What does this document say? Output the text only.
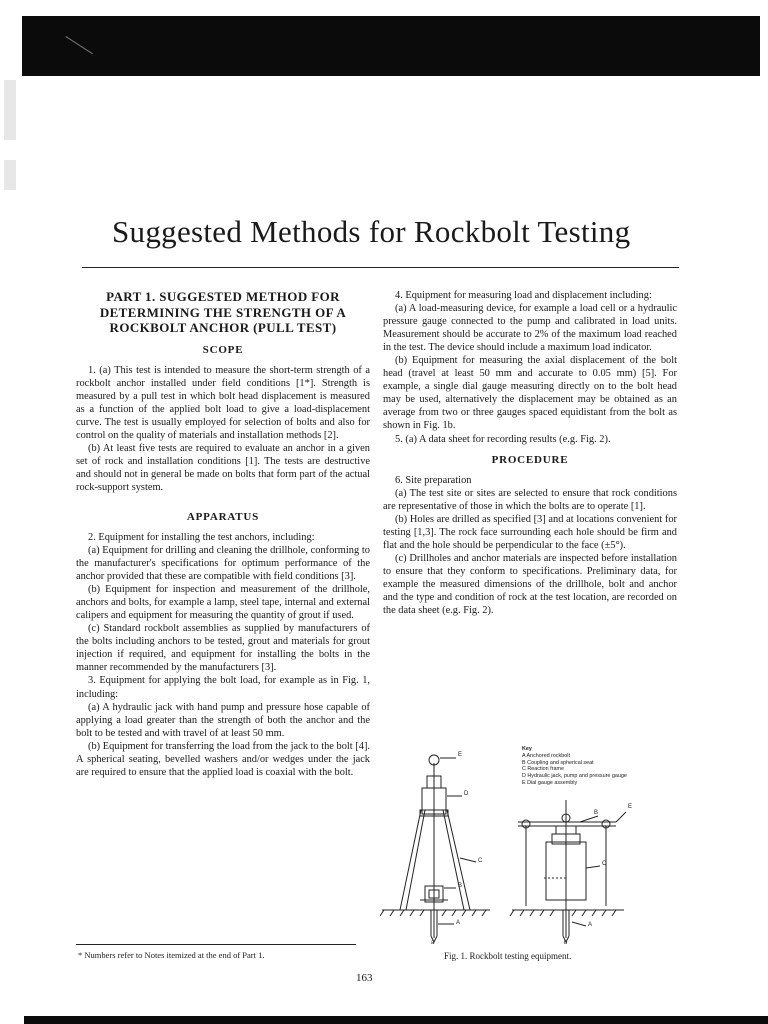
Suggested Methods for Rockbolt Testing
PART 1. SUGGESTED METHOD FOR DETERMINING THE STRENGTH OF A ROCKBOLT ANCHOR (PULL TEST)
SCOPE

1. (a) This test is intended to measure the short-term strength of a rockbolt anchor installed under field conditions [1*]. Strength is measured by a pull test in which bolt head displacement is measured as a function of the applied bolt load to give a load-displacement curve. The test is usually employed for selection of bolts and also for control on the quality of materials and installation methods [2].

(b) At least five tests are required to evaluate an anchor in a given set of rock and installation conditions [1]. The tests are destructive and should not in general be made on bolts that form part of the actual rock-support system.

APPARATUS

2. Equipment for installing the test anchors, including:

(a) Equipment for drilling and cleaning the drillhole, conforming to the manufacturer's specifications for optimum performance of the anchor provided that these are compatible with field conditions [3].

(b) Equipment for inspection and measurement of the drillhole, anchors and bolts, for example a lamp, steel tape, internal and external calipers and equipment for measuring the quantity of grout if used.

(c) Standard rockbolt assemblies as supplied by manufacturers of the bolts including anchors to be tested, grout and materials for grout injection if required, and equipment for installing the bolts in the manner recommended by the manufacturers [3].

3. Equipment for applying the bolt load, for example as in Fig. 1, including:

(a) A hydraulic jack with hand pump and pressure hose capable of applying a load greater than the strength of both the anchor and the bolt to be tested and with travel of at least 50 mm.

(b) Equipment for transferring the load from the jack to the bolt [4]. A spherical seating, bevelled washers and/or wedges under the jack are required to ensure that the applied load is coaxial with the bolt.

4. Equipment for measuring load and displacement including:

(a) A load-measuring device, for example a load cell or a hydraulic pressure gauge connected to the pump and calibrated in load units. Measurement should be accurate to 2% of the maximum load reached in the test. The device should include a maximum load indicator.

(b) Equipment for measuring the axial displacement of the bolt head (travel at least 50 mm and accurate to 0.05 mm) [5]. For example, a single dial gauge measuring directly on to the bolt head may be used, alternatively the displacement may be obtained as an average from two or three gauges spaced equidistant from the bolt as shown in Fig. 1b.

5. (a) A data sheet for recording results (e.g. Fig. 2).

PROCEDURE

6. Site preparation

(a) The test site or sites are selected to ensure that rock conditions are representative of those in which the bolts are to operate [1].

(b) Holes are drilled as specified [3] and at locations convenient for testing [1,3]. The rock face surrounding each hole should be firm and flat and the hole should be perpendicular to the face (±5°).

(c) Drillholes and anchor materials are inspected before installation to ensure that they conform to specifications. Preliminary data, for example the measured dimensions of the drillhole, bolt and anchor and the type and condition of rock at the test location, are recorded on the data sheet (e.g. Fig. 2).

Key
A Anchored rockbolt
B Coupling and spherical seat
C Reaction frame
D Hydraulic jack, pump and pressure gauge
E Dial gauge assembly
E
D
C
B
A
a
E
B
C
A
b
Fig. 1. Rockbolt testing equipment.
* Numbers refer to Notes itemized at the end of Part 1.
163
